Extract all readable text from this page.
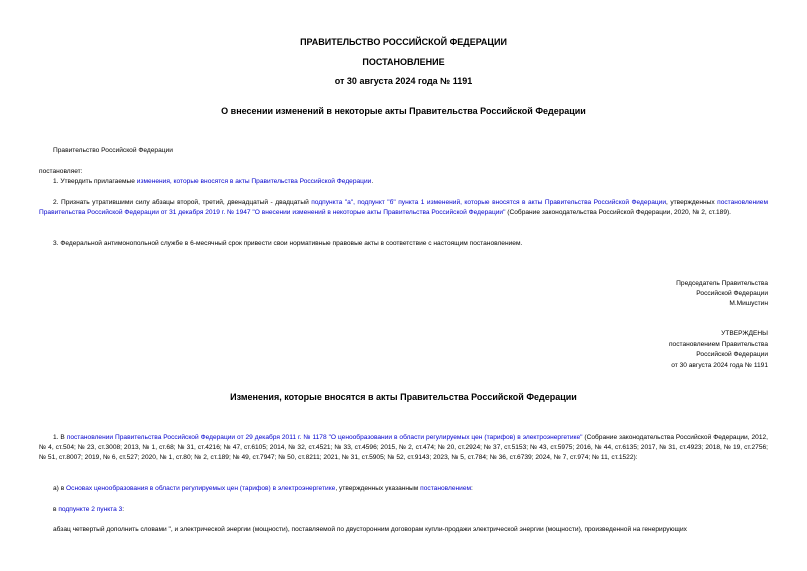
ПРАВИТЕЛЬСТВО РОССИЙСКОЙ ФЕДЕРАЦИИ
ПОСТАНОВЛЕНИЕ
от 30 августа 2024 года № 1191
О внесении изменений в некоторые акты Правительства Российской Федерации
Правительство Российской Федерации
постановляет:
1. Утвердить прилагаемые изменения, которые вносятся в акты Правительства Российской Федерации.
2. Признать утратившими силу абзацы второй, третий, двенадцатый - двадцатый подпункта "а", подпункт "б" пункта 1 изменений, которые вносятся в акты Правительства Российской Федерации, утвержденных постановлением Правительства Российской Федерации от 31 декабря 2019 г. № 1947 "О внесении изменений в некоторые акты Правительства Российской Федерации" (Собрание законодательства Российской Федерации, 2020, № 2, ст.189).
3. Федеральной антимонопольной службе в 6-месячный срок привести свои нормативные правовые акты в соответствие с настоящим постановлением.
Председатель Правительства
Российской Федерации
М.Мишустин
УТВЕРЖДЕНЫ
постановлением Правительства
Российской Федерации
от 30 августа 2024 года № 1191
Изменения, которые вносятся в акты Правительства Российской Федерации
1. В постановлении Правительства Российской Федерации от 29 декабря 2011 г. № 1178 "О ценообразовании в области регулируемых цен (тарифов) в электроэнергетике" (Собрание законодательства Российской Федерации, 2012, № 4, ст.504; № 23, ст.3008; 2013, № 1, ст.68; № 31, ст.4216; № 47, ст.6105; 2014, № 32, ст.4521; № 33, ст.4596; 2015, № 2, ст.474; № 20, ст.2924; № 37, ст.5153; № 43, ст.5975; 2016, № 44, ст.6135; 2017, № 31, ст.4923; 2018, № 19, ст.2756; № 51, ст.8007; 2019, № 6, ст.527; 2020, № 1, ст.80; № 2, ст.189; № 49, ст.7947; № 50, ст.8211; 2021, № 31, ст.5905; № 52, ст.9143; 2023, № 5, ст.784; № 36, ст.6739; 2024, № 7, ст.974; № 11, ст.1522):
а) в Основах ценообразования в области регулируемых цен (тарифов) в электроэнергетике, утвержденных указанным постановлением:
в подпункте 2 пункта 3:
абзац четвертый дополнить словами ", и электрической энергии (мощности), поставляемой по двусторонним договорам купли-продажи электрической энергии (мощности), произведенной на генерирующих
